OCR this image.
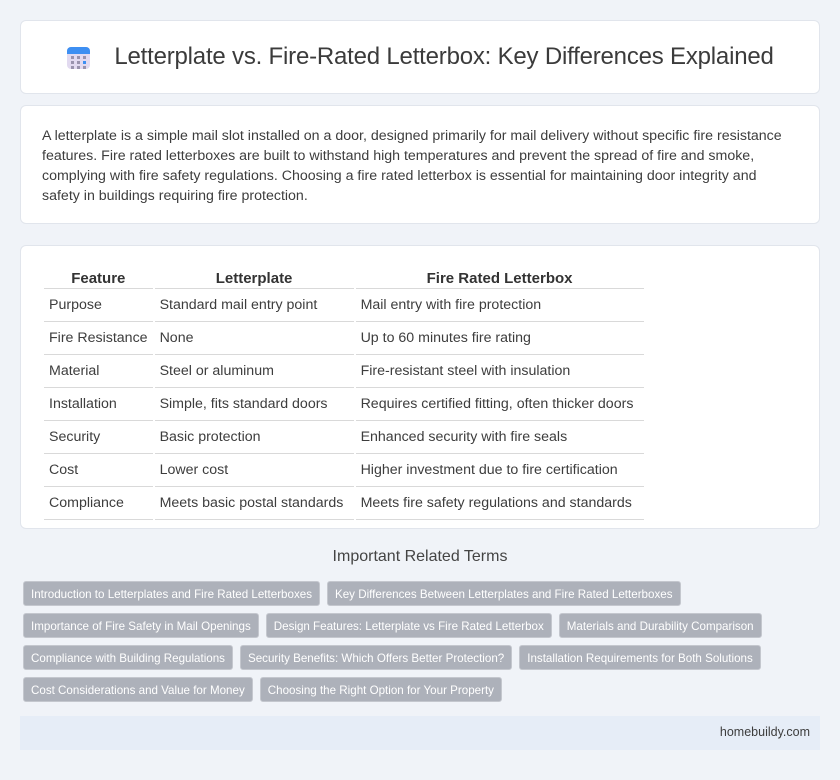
Letterplate vs. Fire-Rated Letterbox: Key Differences Explained

A letterplate is a simple mail slot installed on a door, designed primarily for mail delivery without specific fire resistance features. Fire rated letterboxes are built to withstand high temperatures and prevent the spread of fire and smoke, complying with fire safety regulations. Choosing a fire rated letterbox is essential for maintaining door integrity and safety in buildings requiring fire protection.

Feature	Letterplate	Fire Rated Letterbox
Purpose	Standard mail entry point	Mail entry with fire protection
Fire Resistance	None	Up to 60 minutes fire rating
Material	Steel or aluminum	Fire-resistant steel with insulation
Installation	Simple, fits standard doors	Requires certified fitting, often thicker doors
Security	Basic protection	Enhanced security with fire seals
Cost	Lower cost	Higher investment due to fire certification
Compliance	Meets basic postal standards	Meets fire safety regulations and standards
Important Related Terms
Introduction to Letterplates and Fire Rated Letterboxes	Key Differences Between Letterplates and Fire Rated Letterboxes
Importance of Fire Safety in Mail Openings	Design Features: Letterplate vs Fire Rated Letterbox	Materials and Durability Comparison
Compliance with Building Regulations	Security Benefits: Which Offers Better Protection?	Installation Requirements for Both Solutions
Cost Considerations and Value for Money	Choosing the Right Option for Your Property
homebuildy.com
